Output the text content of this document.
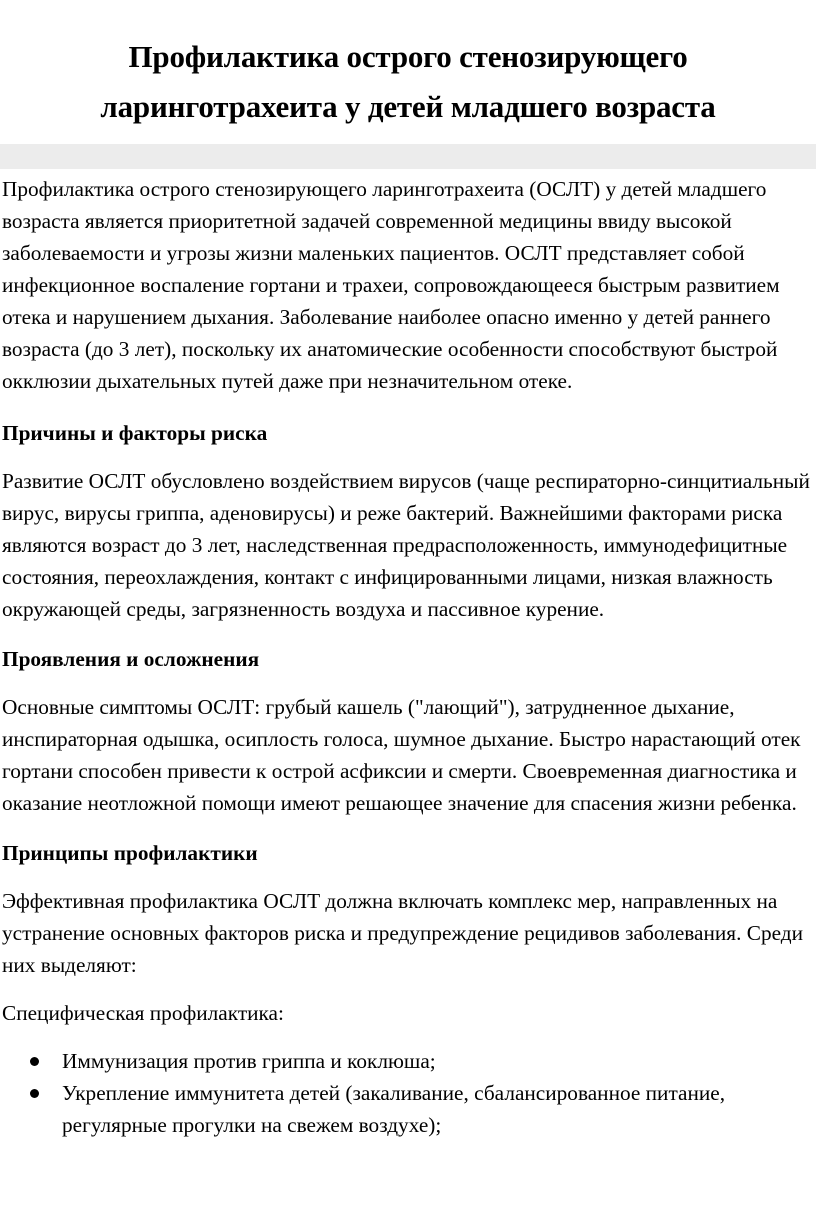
Профилактика острого стенозирующего
ларинготрахеита у детей младшего возраста

Профилактика острого стенозирующего ларинготрахеита (ОСЛТ) у детей младшего возраста является приоритетной задачей современной медицины ввиду высокой заболеваемости и угрозы жизни маленьких пациентов. ОСЛТ представляет собой инфекционное воспаление гортани и трахеи, сопровождающееся быстрым развитием отека и нарушением дыхания. Заболевание наиболее опасно именно у детей раннего возраста (до 3 лет), поскольку их анатомические особенности способствуют быстрой окклюзии дыхательных путей даже при незначительном отеке.

Причины и факторы риска

Развитие ОСЛТ обусловлено воздействием вирусов (чаще респираторно-синцитиальный вирус, вирусы гриппа, аденовирусы) и реже бактерий. Важнейшими факторами риска являются возраст до 3 лет, наследственная предрасположенность, иммунодефицитные состояния, переохлаждения, контакт с инфицированными лицами, низкая влажность окружающей среды, загрязненность воздуха и пассивное курение.

Проявления и осложнения

Основные симптомы ОСЛТ: грубый кашель ("лающий"), затрудненное дыхание, инспираторная одышка, осиплость голоса, шумное дыхание. Быстро нарастающий отек гортани способен привести к острой асфиксии и смерти. Своевременная диагностика и оказание неотложной помощи имеют решающее значение для спасения жизни ребенка.

Принципы профилактики

Эффективная профилактика ОСЛТ должна включать комплекс мер, направленных на устранение основных факторов риска и предупреждение рецидивов заболевания. Среди них выделяют:

Специфическая профилактика:

Иммунизация против гриппа и коклюша;
Укрепление иммунитета детей (закаливание, сбалансированное питание, регулярные прогулки на свежем воздухе);
